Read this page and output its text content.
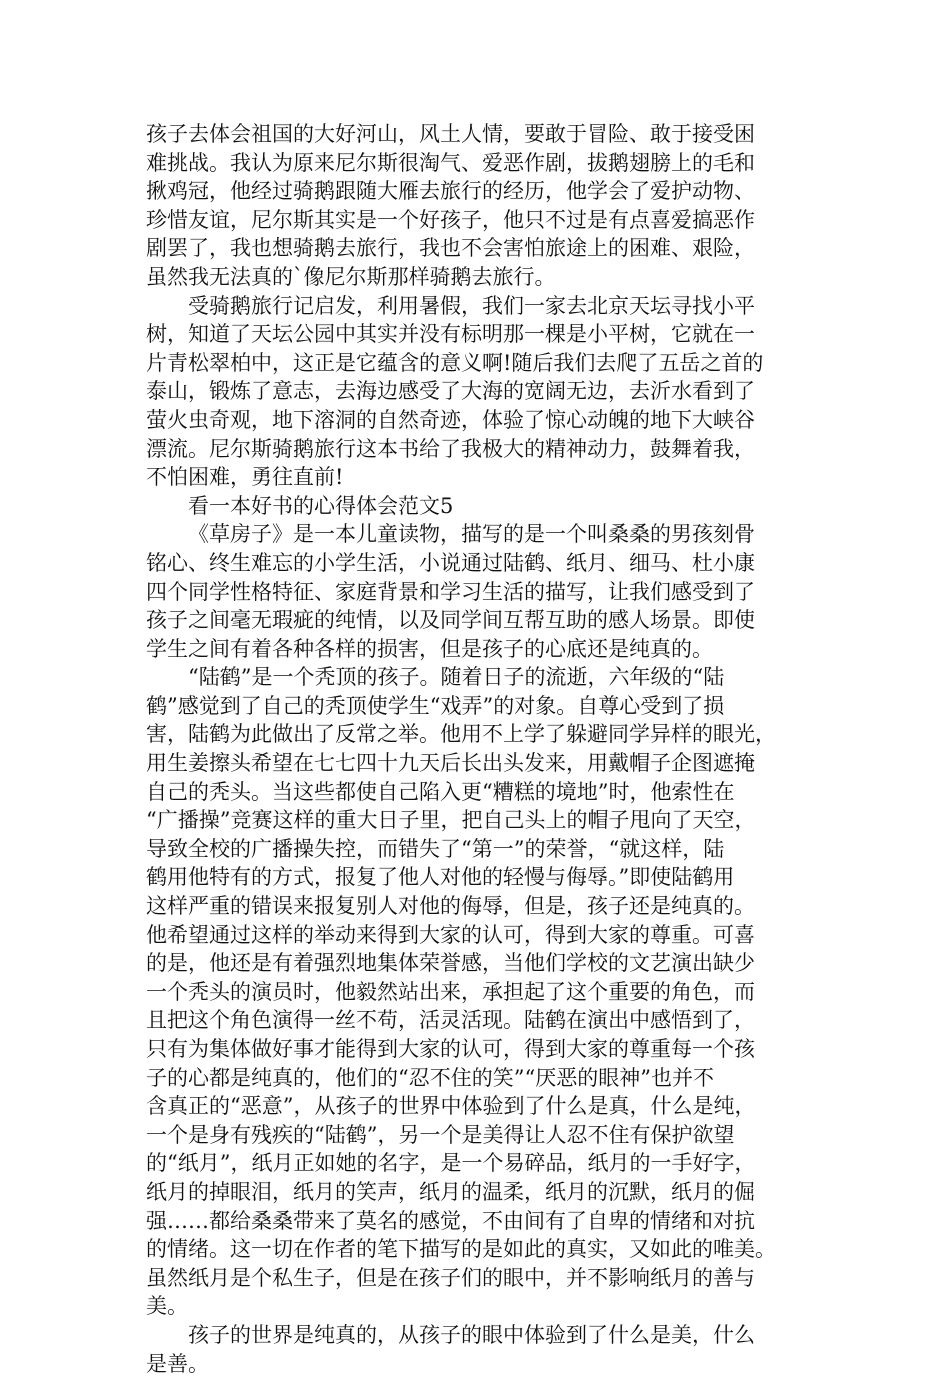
孩子去体会祖国的大好河山，风土人情，要敢于冒险、敢于接受困
难挑战。我认为原来尼尔斯很淘气、爱恶作剧，拔鹅翅膀上的毛和
揪鸡冠，他经过骑鹅跟随大雁去旅行的经历，他学会了爱护动物、
珍惜友谊，尼尔斯其实是一个好孩子，他只不过是有点喜爱搞恶作
剧罢了，我也想骑鹅去旅行，我也不会害怕旅途上的困难、艰险，
虽然我无法真的`像尼尔斯那样骑鹅去旅行。

受骑鹅旅行记启发，利用暑假，我们一家去北京天坛寻找小平
树，知道了天坛公园中其实并没有标明那一棵是小平树，它就在一
片青松翠柏中，这正是它蕴含的意义啊!随后我们去爬了五岳之首的
泰山，锻炼了意志，去海边感受了大海的宽阔无边，去沂水看到了
萤火虫奇观，地下溶洞的自然奇迹，体验了惊心动魄的地下大峡谷
漂流。尼尔斯骑鹅旅行这本书给了我极大的精神动力，鼓舞着我，
不怕困难，勇往直前!

看一本好书的心得体会范文5

《草房子》是一本儿童读物，描写的是一个叫桑桑的男孩刻骨
铭心、终生难忘的小学生活，小说通过陆鹤、纸月、细马、杜小康
四个同学性格特征、家庭背景和学习生活的描写，让我们感受到了
孩子之间毫无瑕疵的纯情，以及同学间互帮互助的感人场景。即使
学生之间有着各种各样的损害，但是孩子的心底还是纯真的。

“陆鹤”是一个秃顶的孩子。随着日子的流逝，六年级的“陆
鹤”感觉到了自己的秃顶使学生“戏弄”的对象。自尊心受到了损
害，陆鹤为此做出了反常之举。他用不上学了躲避同学异样的眼光，
用生姜擦头希望在七七四十九天后长出头发来，用戴帽子企图遮掩
自己的秃头。当这些都使自己陷入更“糟糕的境地”时，他索性在
“广播操”竞赛这样的重大日子里，把自己头上的帽子甩向了天空，
导致全校的广播操失控，而错失了“第一”的荣誉，“就这样，陆
鹤用他特有的方式，报复了他人对他的轻慢与侮辱。”即使陆鹤用
这样严重的错误来报复别人对他的侮辱，但是，孩子还是纯真的。
他希望通过这样的举动来得到大家的认可，得到大家的尊重。可喜
的是，他还是有着强烈地集体荣誉感，当他们学校的文艺演出缺少
一个秃头的演员时，他毅然站出来，承担起了这个重要的角色，而
且把这个角色演得一丝不苟，活灵活现。陆鹤在演出中感悟到了，
只有为集体做好事才能得到大家的认可，得到大家的尊重每一个孩
子的心都是纯真的，他们的“忍不住的笑”“厌恶的眼神”也并不
含真正的“恶意”，从孩子的世界中体验到了什么是真，什么是纯，
一个是身有残疾的“陆鹤”，另一个是美得让人忍不住有保护欲望
的“纸月”，纸月正如她的名字，是一个易碎品，纸月的一手好字，
纸月的掉眼泪，纸月的笑声，纸月的温柔，纸月的沉默，纸月的倔
强……都给桑桑带来了莫名的感觉，不由间有了自卑的情绪和对抗
的情绪。这一切在作者的笔下描写的是如此的真实，又如此的唯美。
虽然纸月是个私生子，但是在孩子们的眼中，并不影响纸月的善与
美。

孩子的世界是纯真的，从孩子的眼中体验到了什么是美，什么
是善。
